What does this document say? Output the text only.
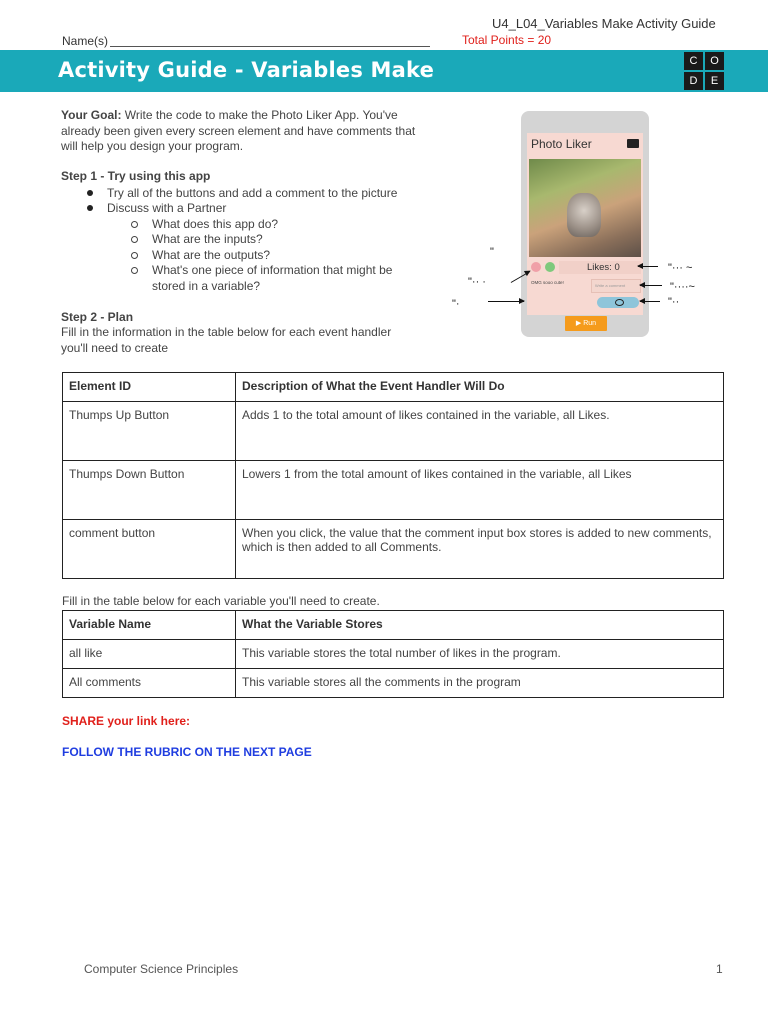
U4_L04_Variables Make Activity Guide
Name(s)	Total Points = 20
Activity Guide - Variables Make	C	O
D	E
Your Goal: Write the code to make the Photo Liker App. You've already been given every screen element and have comments that will help you design your program.
Step 1 - Try using this app
Try all of the buttons and add a comment to the picture
Discuss with a Partner
What does this app do?
What are the inputs?
What are the outputs?
What's one piece of information that might be stored in a variable?
Step 2 - Plan
Fill in the information in the table below for each event handler you'll need to create
Photo Liker
Likes: 0
OMG sooo cute!
Write a comment
▶ Run
"
"·· ·
"·
"··· ~
"····~
"··
Element ID	Description of What the Event Handler Will Do
Thumps Up Button	Adds 1 to the total amount of likes contained in the variable, all Likes.
Thumps Down Button	Lowers 1 from the total amount of likes contained in the variable, all Likes
comment button	When you click, the value that the comment input box stores is added to new comments, which is then added to all Comments.
Fill in the table below for each variable you'll need to create.
Variable Name	What the Variable Stores
all like	This variable stores the total number of likes in the program.
All comments	This variable stores all the comments in the program
SHARE your link here:
FOLLOW THE RUBRIC ON THE NEXT PAGE
Computer Science Principles	1
